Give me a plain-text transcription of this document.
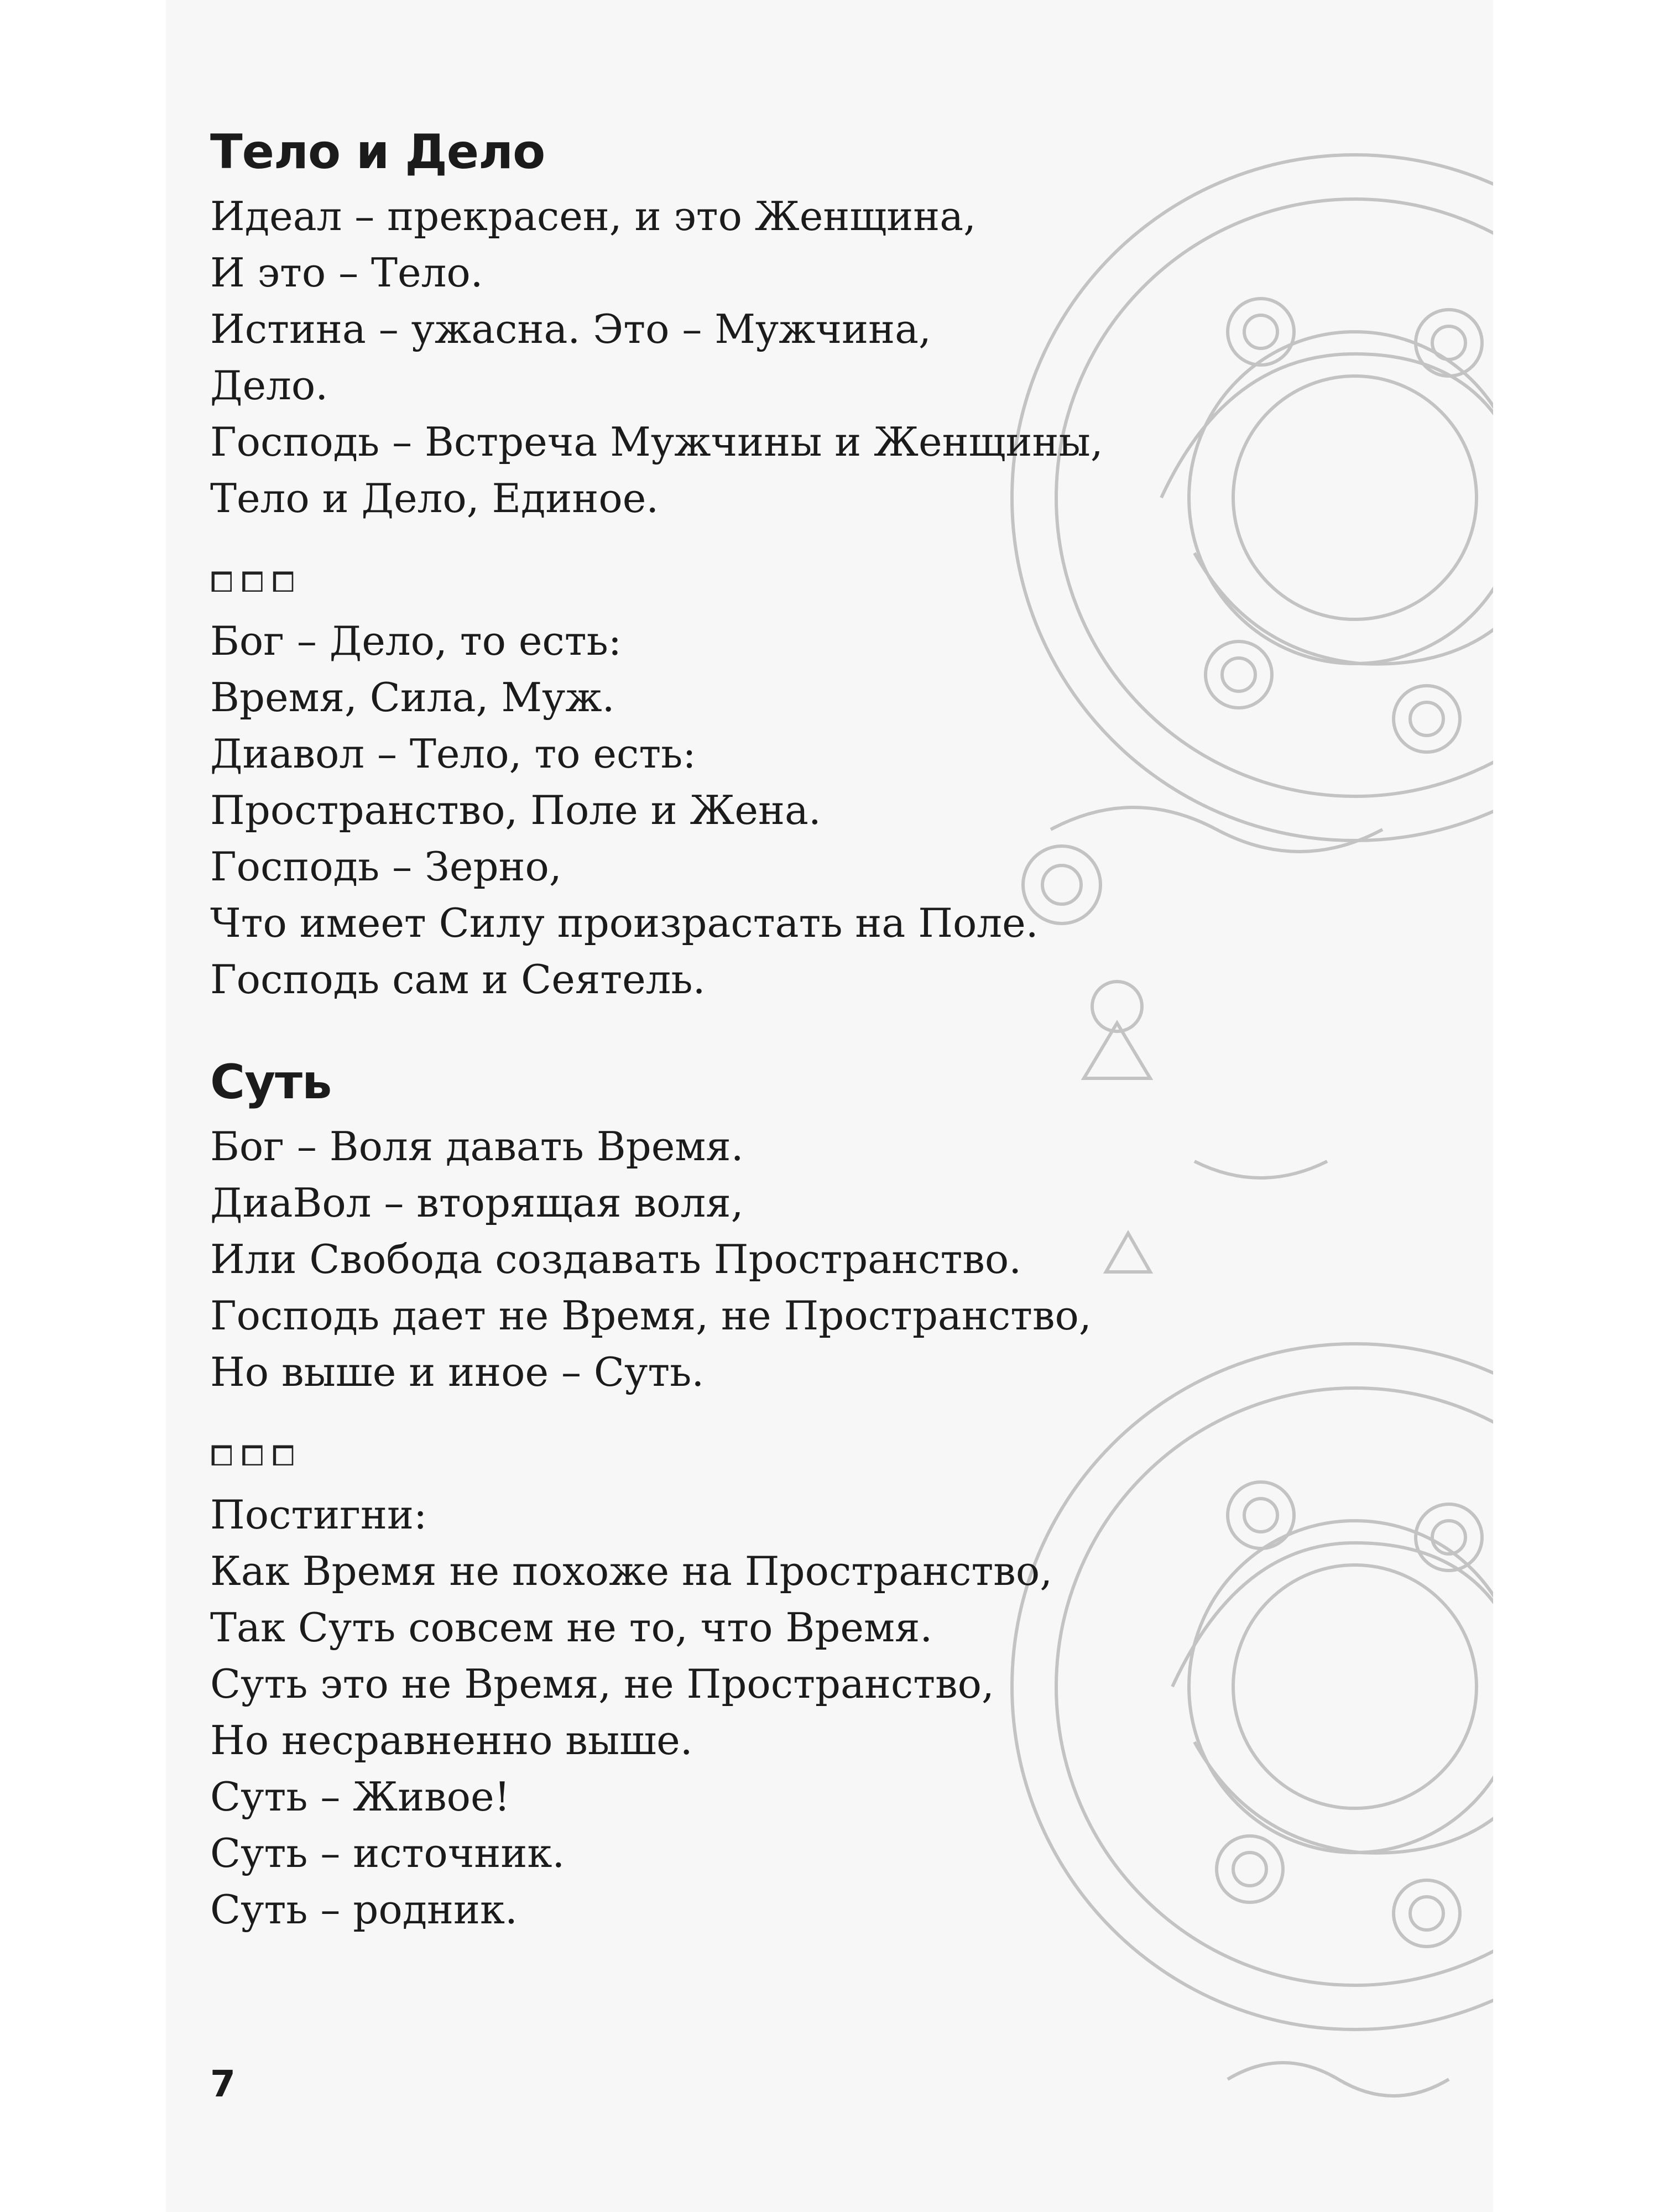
Тело и Дело

Идеал – прекрасен, и это Женщина,

И это – Тело.

Истина – ужасна. Это – Мужчина,

Дело.

Господь – Встреча Мужчины и Женщины,

Тело и Дело, Единое.

⧠⧠⧠

Бог – Дело, то есть:

Время, Сила, Муж.

Диавол – Тело, то есть:

Пространство, Поле и Жена.

Господь – Зерно,

Что имеет Силу произрастать на Поле.

Господь сам и Сеятель.

Суть

Бог – Воля давать Время.

ДиаВол – вторящая воля,

Или Свобода создавать Пространство.

Господь дает не Время, не Пространство,

Но выше и иное – Суть.

⧠⧠⧠

Постигни:

Как Время не похоже на Пространство,

Так Суть совсем не то, что Время.

Суть это не Время, не Пространство,

Но несравненно выше.

Суть – Живое!

Суть – источник.

Суть – родник.

7
